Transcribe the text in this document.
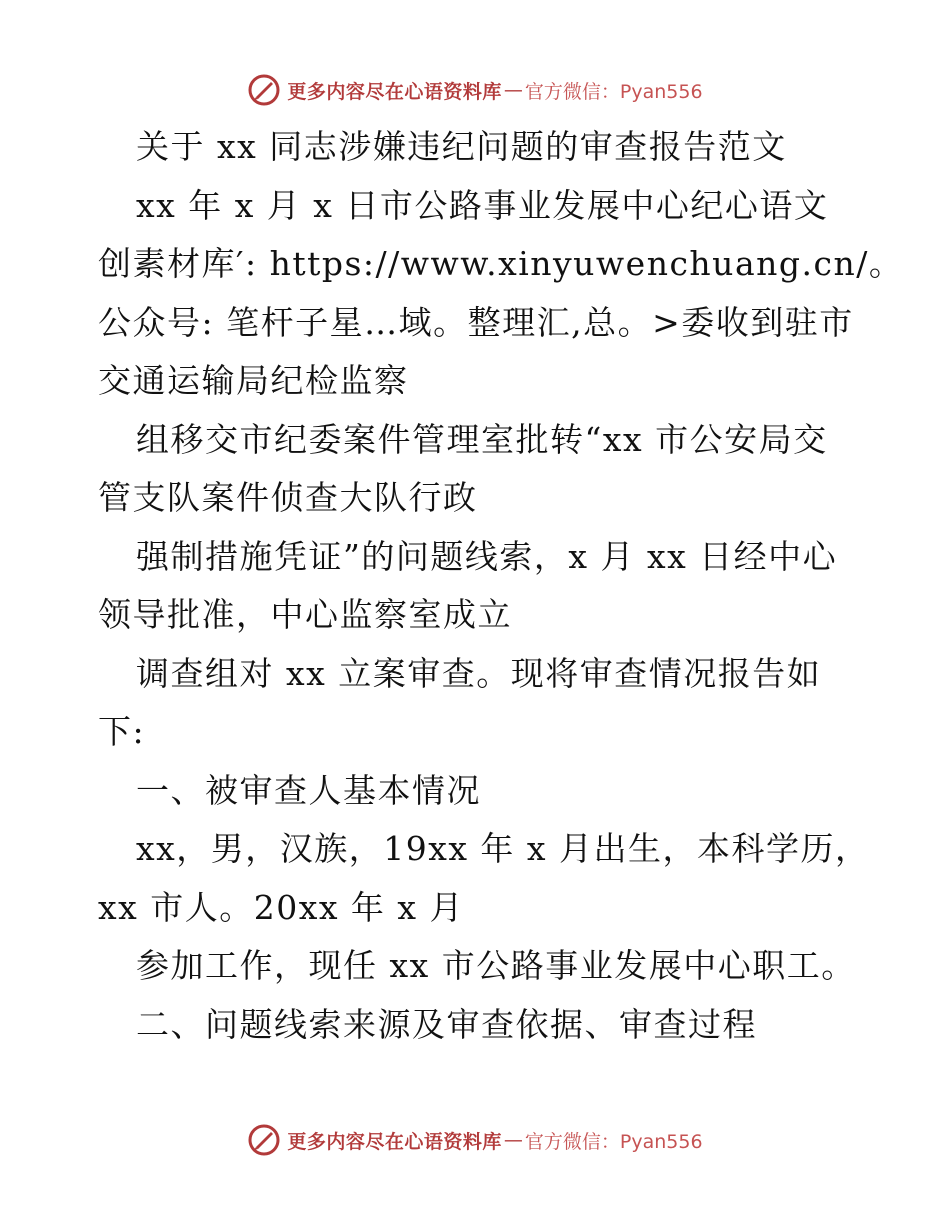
更多内容尽在心语资料库 — 官方微信：Pyan556
关于 xx 同志涉嫌违纪问题的审查报告范文
xx 年 x 月 x 日市公路事业发展中心纪心语文
创素材库′: https://www.xinyuwenchuang.cn/。
公众号: 笔杆子星…域。整理汇,总。>委收到驻市
交通运输局纪检监察
组移交市纪委案件管理室批转“xx 市公安局交
管支队案件侦查大队行政
强制措施凭证”的问题线索，x 月 xx 日经中心
领导批准，中心监察室成立
调查组对 xx 立案审查。现将审查情况报告如
下:
一、被审查人基本情况
xx，男，汉族，19xx 年 x 月出生，本科学历，
xx 市人。20xx 年 x 月
参加工作，现任 xx 市公路事业发展中心职工。
二、问题线索来源及审查依据、审查过程
更多内容尽在心语资料库 — 官方微信：Pyan556
